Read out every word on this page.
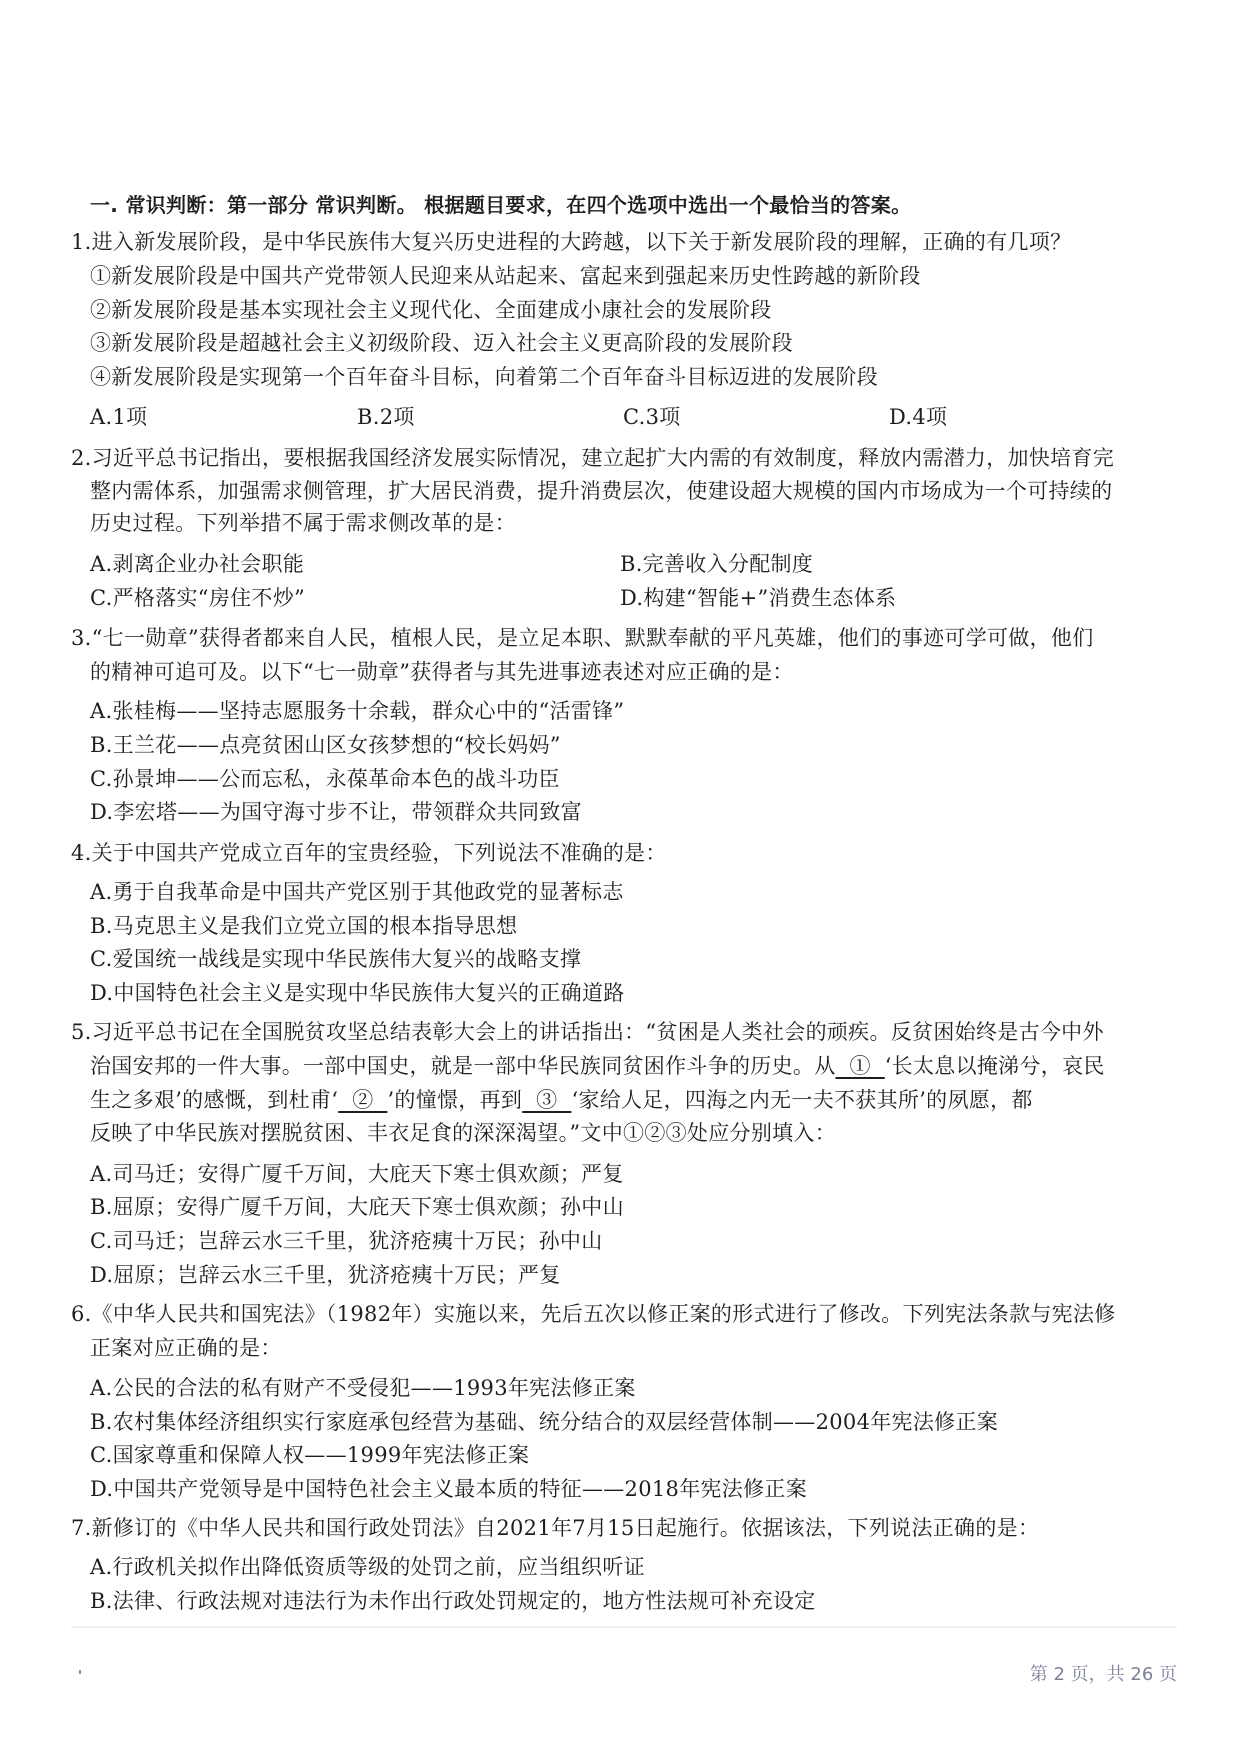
一. 常识判断：第一部分 常识判断。 根据题目要求，在四个选项中选出一个最恰当的答案。
1.进入新发展阶段，是中华民族伟大复兴历史进程的大跨越，以下关于新发展阶段的理解，正确的有几项？
①新发展阶段是中国共产党带领人民迎来从站起来、富起来到强起来历史性跨越的新阶段
②新发展阶段是基本实现社会主义现代化、全面建成小康社会的发展阶段
③新发展阶段是超越社会主义初级阶段、迈入社会主义更高阶段的发展阶段
④新发展阶段是实现第一个百年奋斗目标，向着第二个百年奋斗目标迈进的发展阶段
A.1项	B.2项	C.3项	D.4项
2.习近平总书记指出，要根据我国经济发展实际情况，建立起扩大内需的有效制度，释放内需潜力，加快培育完
整内需体系，加强需求侧管理，扩大居民消费，提升消费层次，使建设超大规模的国内市场成为一个可持续的
历史过程。下列举措不属于需求侧改革的是：
A.剥离企业办社会职能	B.完善收入分配制度
C.严格落实“房住不炒”	D.构建“智能+”消费生态体系
3.“七一勋章”获得者都来自人民，植根人民，是立足本职、默默奉献的平凡英雄，他们的事迹可学可做，他们
的精神可追可及。以下“七一勋章”获得者与其先进事迹表述对应正确的是：
A.张桂梅——坚持志愿服务十余载，群众心中的“活雷锋”
B.王兰花——点亮贫困山区女孩梦想的“校长妈妈”
C.孙景坤——公而忘私，永葆革命本色的战斗功臣
D.李宏塔——为国守海寸步不让，带领群众共同致富
4.关于中国共产党成立百年的宝贵经验，下列说法不准确的是：
A.勇于自我革命是中国共产党区别于其他政党的显著标志
B.马克思主义是我们立党立国的根本指导思想
C.爱国统一战线是实现中华民族伟大复兴的战略支撑
D.中国特色社会主义是实现中华民族伟大复兴的正确道路
5.习近平总书记在全国脱贫攻坚总结表彰大会上的讲话指出：“贫困是人类社会的顽疾。反贫困始终是古今中外
治国安邦的一件大事。一部中国史，就是一部中华民族同贫困作斗争的历史。从  ①  ‘长太息以掩涕兮，哀民
生之多艰’的感慨，到杜甫‘  ②  ’的憧憬，再到  ③  ‘家给人足，四海之内无一夫不获其所’的夙愿，都
反映了中华民族对摆脱贫困、丰衣足食的深深渴望。”文中①②③处应分别填入：
A.司马迁；安得广厦千万间，大庇天下寒士俱欢颜；严复
B.屈原；安得广厦千万间，大庇天下寒士俱欢颜；孙中山
C.司马迁；岂辞云水三千里，犹济疮痍十万民；孙中山
D.屈原；岂辞云水三千里，犹济疮痍十万民；严复
6.《中华人民共和国宪法》（1982年）实施以来，先后五次以修正案的形式进行了修改。下列宪法条款与宪法修
正案对应正确的是：
A.公民的合法的私有财产不受侵犯——1993年宪法修正案
B.农村集体经济组织实行家庭承包经营为基础、统分结合的双层经营体制——2004年宪法修正案
C.国家尊重和保障人权——1999年宪法修正案
D.中国共产党领导是中国特色社会主义最本质的特征——2018年宪法修正案
7.新修订的《中华人民共和国行政处罚法》自2021年7月15日起施行。依据该法，下列说法正确的是：
A.行政机关拟作出降低资质等级的处罚之前，应当组织听证
B.法律、行政法规对违法行为未作出行政处罚规定的，地方性法规可补充设定
第 2 页，共 26 页
